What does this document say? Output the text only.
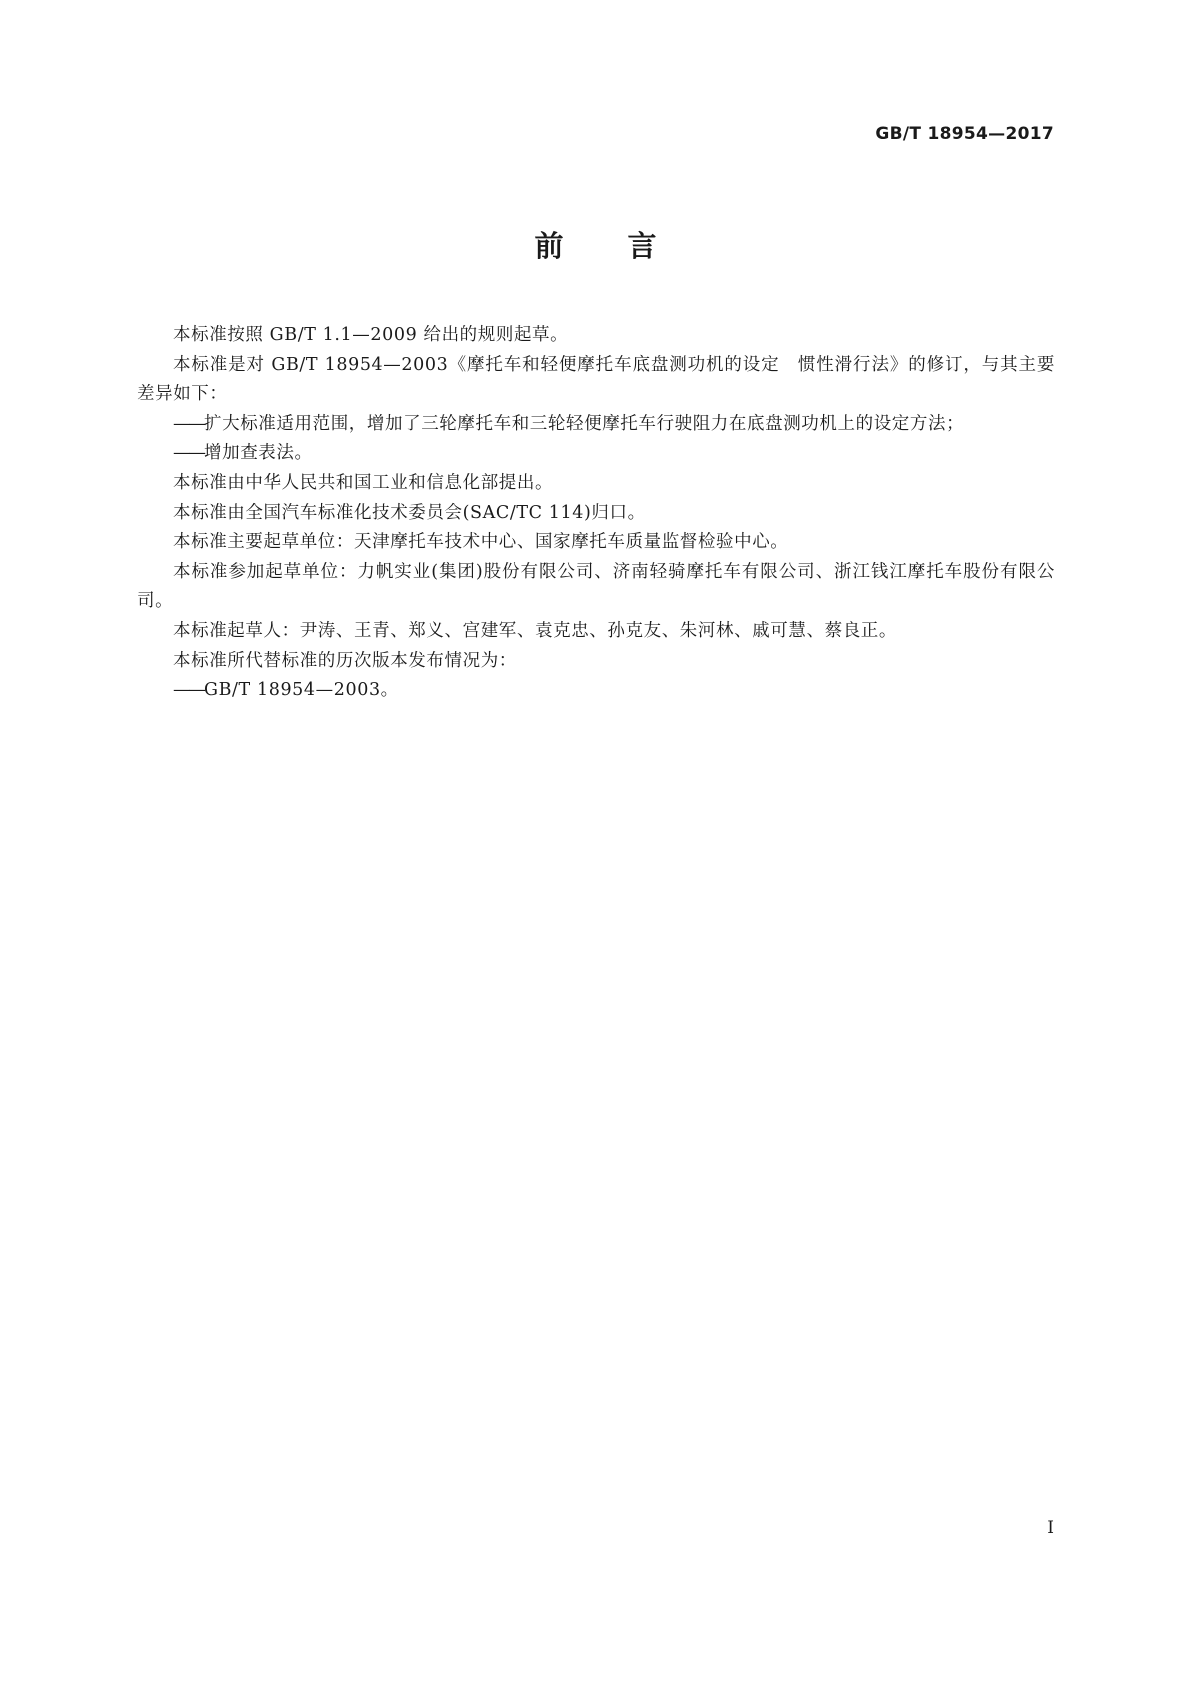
GB/T 18954—2017
前言

本标准按照 GB/T 1.1—2009 给出的规则起草。

本标准是对 GB/T 18954—2003《摩托车和轻便摩托车底盘测功机的设定　惯性滑行法》的修订，与其主要差异如下：

——扩大标准适用范围，增加了三轮摩托车和三轮轻便摩托车行驶阻力在底盘测功机上的设定方法；

——增加查表法。

本标准由中华人民共和国工业和信息化部提出。

本标准由全国汽车标准化技术委员会(SAC/TC 114)归口。

本标准主要起草单位：天津摩托车技术中心、国家摩托车质量监督检验中心。

本标准参加起草单位：力帆实业(集团)股份有限公司、济南轻骑摩托车有限公司、浙江钱江摩托车股份有限公司。

本标准起草人：尹涛、王青、郑义、宫建军、袁克忠、孙克友、朱河林、戚可慧、蔡良正。

本标准所代替标准的历次版本发布情况为：

——GB/T 18954—2003。

I
